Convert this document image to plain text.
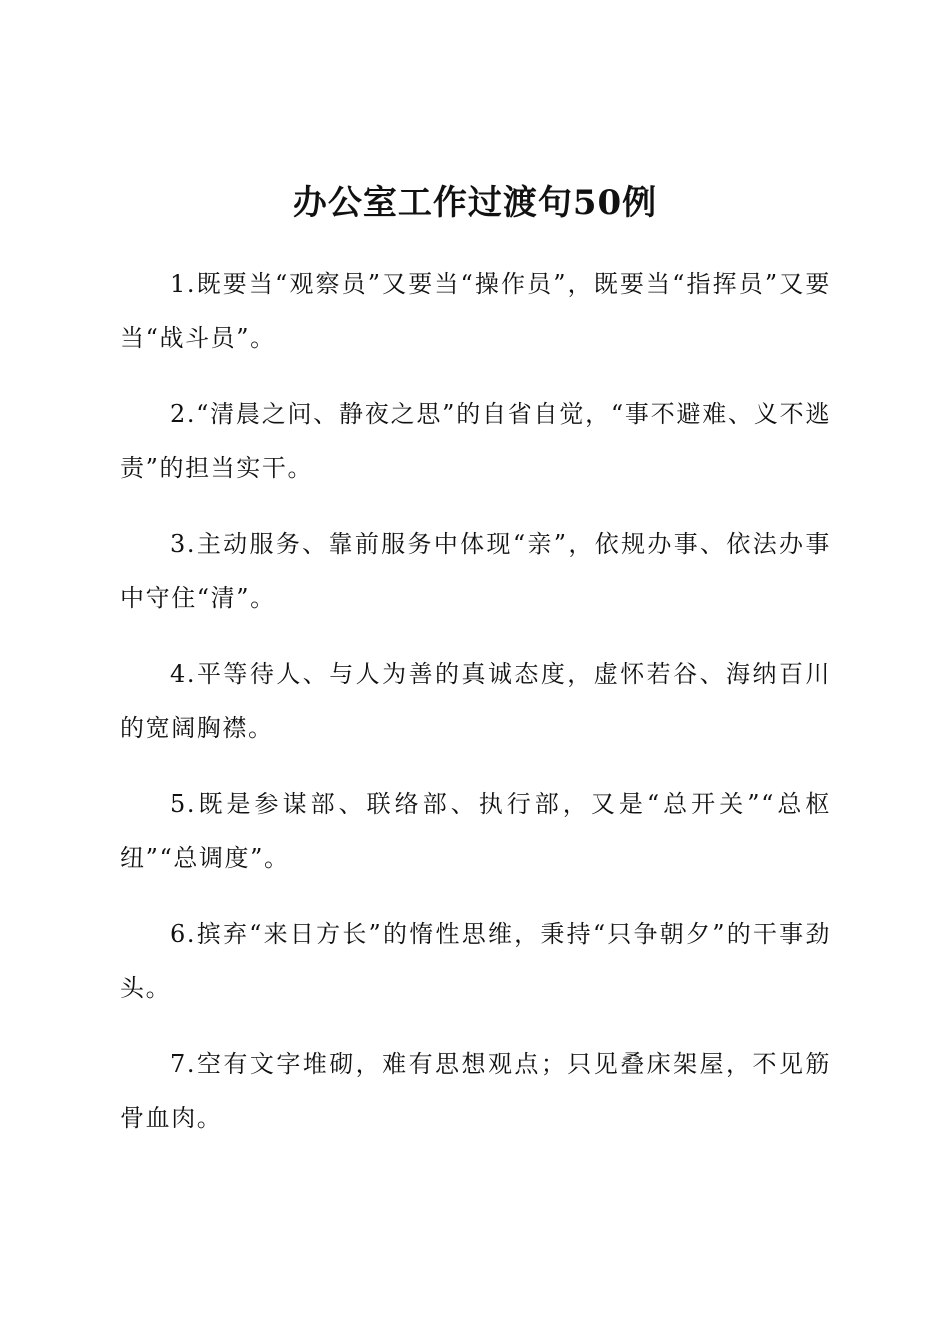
办公室工作过渡句50例

1.既要当“观察员”又要当“操作员”，既要当“指挥员”又要当“战斗员”。

2.“清晨之问、静夜之思”的自省自觉，“事不避难、义不逃责”的担当实干。

3.主动服务、靠前服务中体现“亲”，依规办事、依法办事中守住“清”。

4.平等待人、与人为善的真诚态度，虚怀若谷、海纳百川的宽阔胸襟。

5.既是参谋部、联络部、执行部，又是“总开关”“总枢纽”“总调度”。

6.摈弃“来日方长”的惰性思维，秉持“只争朝夕”的干事劲头。

7.空有文字堆砌，难有思想观点；只见叠床架屋，不见筋骨血肉。
